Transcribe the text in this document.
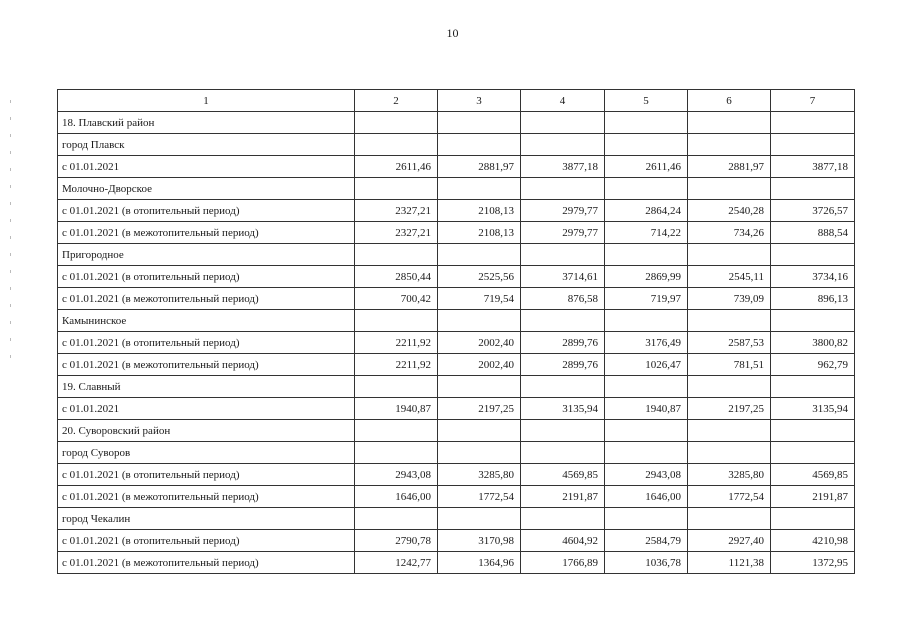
10
1	2	3	4	5	6	7
18. Плавский район						
город Плавск						
с 01.01.2021	2611,46	2881,97	3877,18	2611,46	2881,97	3877,18
Молочно-Дворское						
с 01.01.2021 (в отопительный период)	2327,21	2108,13	2979,77	2864,24	2540,28	3726,57
с 01.01.2021 (в межотопительный период)	2327,21	2108,13	2979,77	714,22	734,26	888,54
Пригородное						
с 01.01.2021 (в отопительный период)	2850,44	2525,56	3714,61	2869,99	2545,11	3734,16
с 01.01.2021 (в межотопительный период)	700,42	719,54	876,58	719,97	739,09	896,13
Камынинское						
с 01.01.2021 (в отопительный период)	2211,92	2002,40	2899,76	3176,49	2587,53	3800,82
с 01.01.2021 (в межотопительный период)	2211,92	2002,40	2899,76	1026,47	781,51	962,79
19. Славный						
с 01.01.2021	1940,87	2197,25	3135,94	1940,87	2197,25	3135,94
20. Суворовский район						
город Суворов						
с 01.01.2021 (в отопительный период)	2943,08	3285,80	4569,85	2943,08	3285,80	4569,85
с 01.01.2021 (в межотопительный период)	1646,00	1772,54	2191,87	1646,00	1772,54	2191,87
город Чекалин						
с 01.01.2021 (в отопительный период)	2790,78	3170,98	4604,92	2584,79	2927,40	4210,98
с 01.01.2021 (в межотопительный период)	1242,77	1364,96	1766,89	1036,78	1121,38	1372,95
